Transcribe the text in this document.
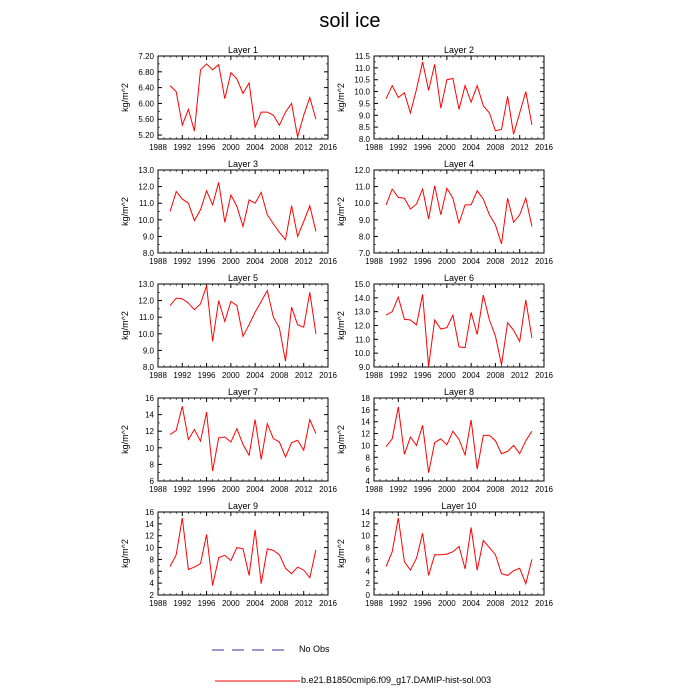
soil ice
Layer 1
kg/m^2
1988 1992 1996 2000 2004 2008 2012 2016
5.20
5.60
6.00
6.40
6.80
7.20
Layer 2
kg/m^2
1988 1992 1996 2000 2004 2008 2012 2016
8.0
8.5
9.0
9.5
10.0
10.5
11.0
11.5
Layer 3
kg/m^2
1988 1992 1996 2000 2004 2008 2012 2016
8.0
9.0
10.0
11.0
12.0
13.0
Layer 4
kg/m^2
1988 1992 1996 2000 2004 2008 2012 2016
7.0
8.0
9.0
10.0
11.0
12.0
Layer 5
kg/m^2
1988 1992 1996 2000 2004 2008 2012 2016
8.0
9.0
10.0
11.0
12.0
13.0
Layer 6
kg/m^2
1988 1992 1996 2000 2004 2008 2012 2016
9.0
10.0
11.0
12.0
13.0
14.0
15.0
Layer 7
kg/m^2
1988 1992 1996 2000 2004 2008 2012 2016
6
8
10
12
14
16
Layer 8
kg/m^2
1988 1992 1996 2000 2004 2008 2012 2016
4
6
8
10
12
14
16
18
Layer 9
kg/m^2
1988 1992 1996 2000 2004 2008 2012 2016
2
4
6
8
10
12
14
16
Layer 10
kg/m^2
1988 1992 1996 2000 2004 2008 2012 2016
0
2
4
6
8
10
12
14
No Obs
b.e21.B1850cmip6.f09_g17.DAMIP-hist-sol.003
